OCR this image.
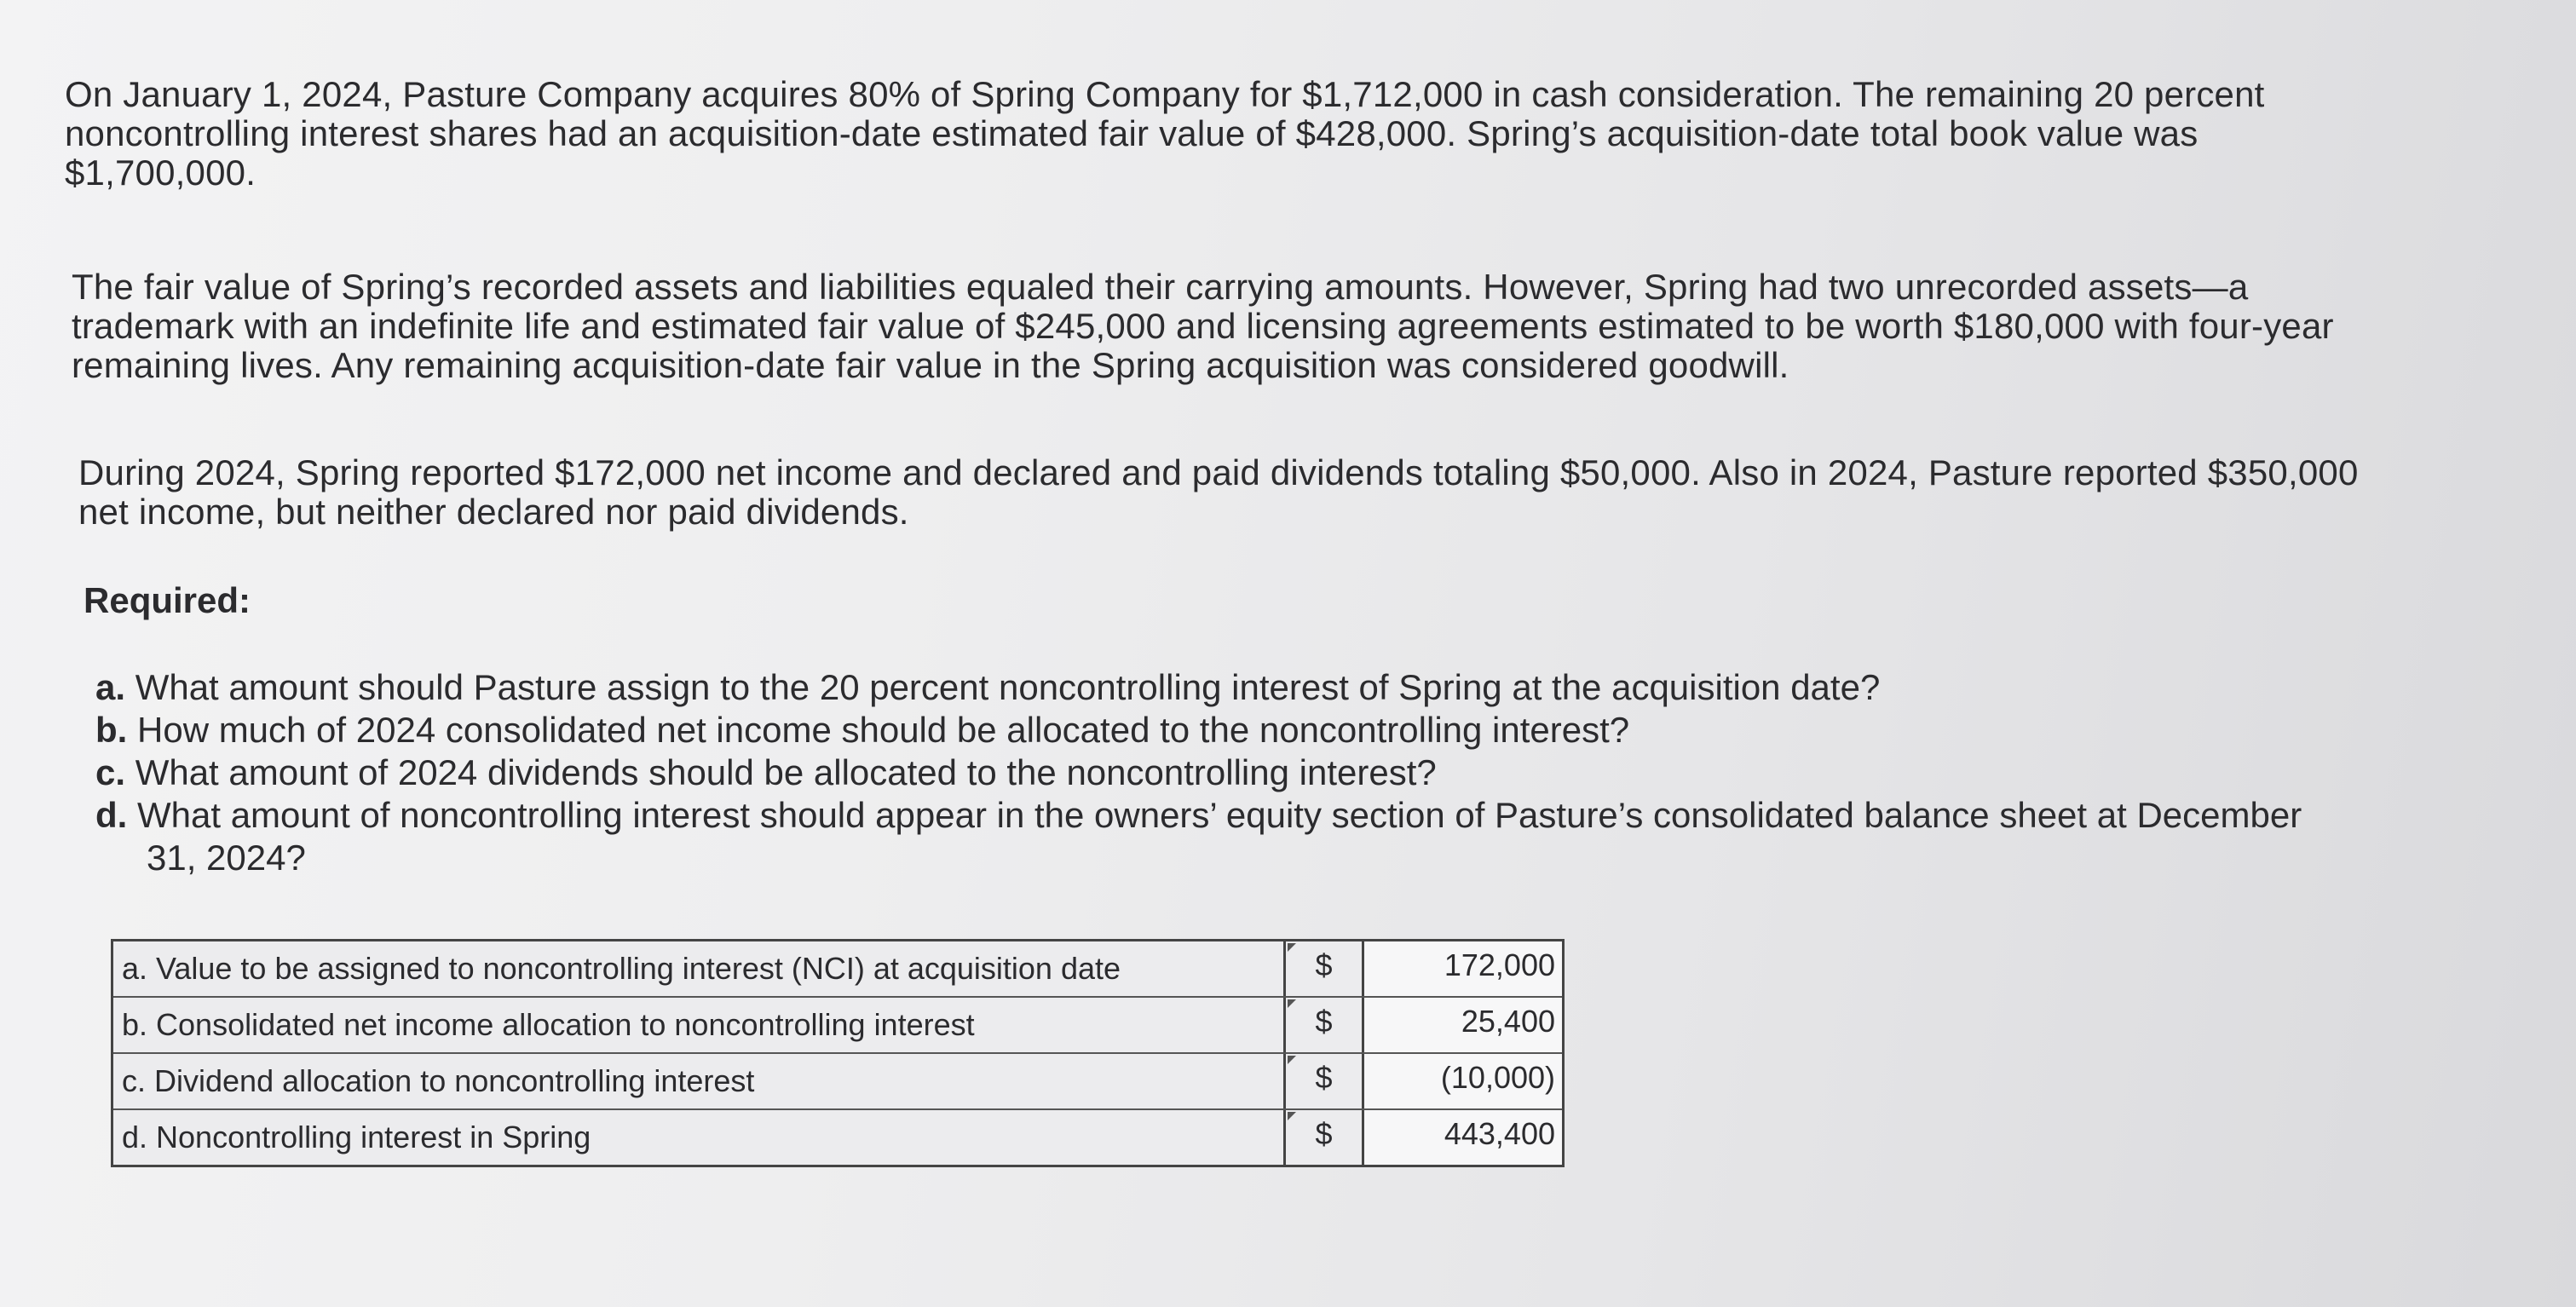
On January 1, 2024, Pasture Company acquires 80% of Spring Company for $1,712,000 in cash consideration. The remaining 20 percent noncontrolling interest shares had an acquisition-date estimated fair value of $428,000. Spring’s acquisition-date total book value was $1,700,000.

The fair value of Spring’s recorded assets and liabilities equaled their carrying amounts. However, Spring had two unrecorded assets—a trademark with an indefinite life and estimated fair value of $245,000 and licensing agreements estimated to be worth $180,000 with four-year remaining lives. Any remaining acquisition-date fair value in the Spring acquisition was considered goodwill.

During 2024, Spring reported $172,000 net income and declared and paid dividends totaling $50,000. Also in 2024, Pasture reported $350,000 net income, but neither declared nor paid dividends.

Required:

a. What amount should Pasture assign to the 20 percent noncontrolling interest of Spring at the acquisition date?
b. How much of 2024 consolidated net income should be allocated to the noncontrolling interest?
c. What amount of 2024 dividends should be allocated to the noncontrolling interest?
d. What amount of noncontrolling interest should appear in the owners’ equity section of Pasture’s consolidated balance sheet at December 31, 2024?
a. Value to be assigned to noncontrolling interest (NCI) at acquisition date	$	172,000
b. Consolidated net income allocation to noncontrolling interest	$	25,400
c. Dividend allocation to noncontrolling interest	$	(10,000)
d. Noncontrolling interest in Spring	$	443,400
